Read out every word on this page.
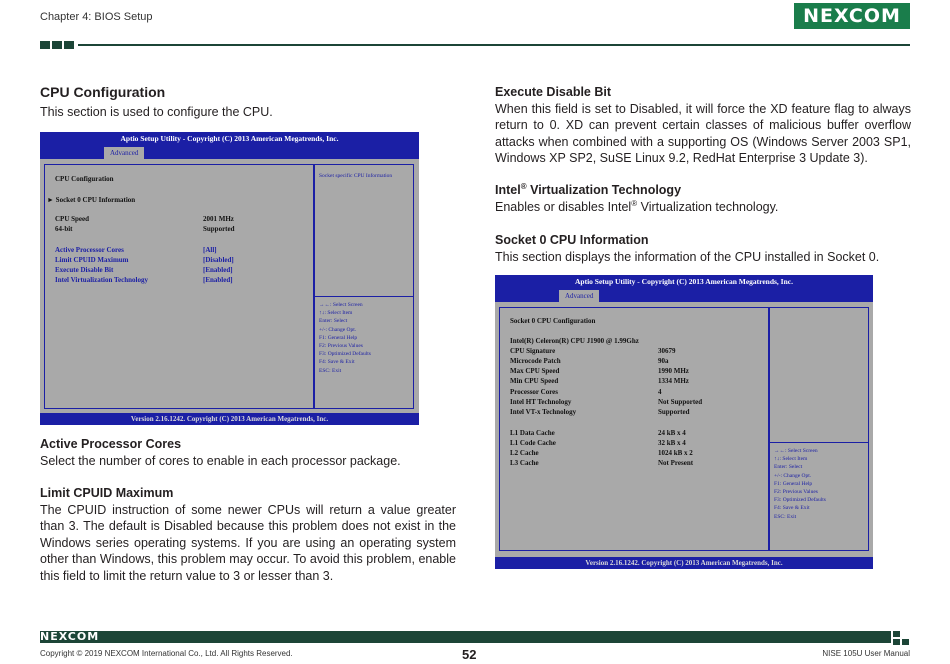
Chapter 4: BIOS Setup	NEXCOM
CPU Configuration

This section is used to configure the CPU.

Aptio Setup Utility - Copyright (C) 2013 American Megatrends, Inc.
Advanced
CPU Configuration
► Socket 0 CPU Information
CPU Speed	2001 MHz
64-bit	Supported
Active Processor Cores	[All]
Limit CPUID Maximum	[Disabled]
Execute Disable Bit	[Enabled]
Intel Virtualization Technology	[Enabled]
Socket specific CPU Information
→←: Select Screen
↑↓: Select Item
Enter: Select
+/-: Change Opt.
F1: General Help
F2: Previous Values
F3: Optimized Defaults
F4: Save & Exit
ESC: Exit
Version 2.16.1242. Copyright (C) 2013 American Megatrends, Inc.
Active Processor Cores

Select the number of cores to enable in each processor package.

Limit CPUID Maximum

The CPUID instruction of some newer CPUs will return a value greater than 3. The default is Disabled because this problem does not exist in the Windows series operating systems. If you are using an operating system other than Windows, this problem may occur. To avoid this problem, enable this field to limit the return value to 3 or lesser than 3.

Execute Disable Bit

When this field is set to Disabled, it will force the XD feature flag to always return to 0. XD can prevent certain classes of malicious buffer overflow attacks when combined with a supporting OS (Windows Server 2003 SP1, Windows XP SP2, SuSE Linux 9.2, RedHat Enterprise 3 Update 3).

Intel® Virtualization Technology

Enables or disables Intel® Virtualization technology.

Socket 0 CPU Information

This section displays the information of the CPU installed in Socket 0.

Aptio Setup Utility - Copyright (C) 2013 American Megatrends, Inc.
Advanced
Socket 0 CPU Configuration
Intel(R) Celeron(R) CPU J1900 @ 1.99Ghz
CPU Signature	30679
Microcode Patch	90a
Max CPU Speed	1990 MHz
Min CPU Speed	1334 MHz
Processor Cores	4
Intel HT Technology	Not Supported
Intel VT-x Technology	Supported
L1 Data Cache	24 kB x 4
L1 Code Cache	32 kB x 4
L2 Cache	1024 kB x 2
L3 Cache	Not Present
→←: Select Screen
↑↓: Select Item
Enter: Select
+/-: Change Opt.
F1: General Help
F2: Previous Values
F3: Optimized Defaults
F4: Save & Exit
ESC: Exit
Version 2.16.1242. Copyright (C) 2013 American Megatrends, Inc.
NEXCOM
Copyright © 2019 NEXCOM International Co., Ltd. All Rights Reserved.	52	NISE 105U User Manual
